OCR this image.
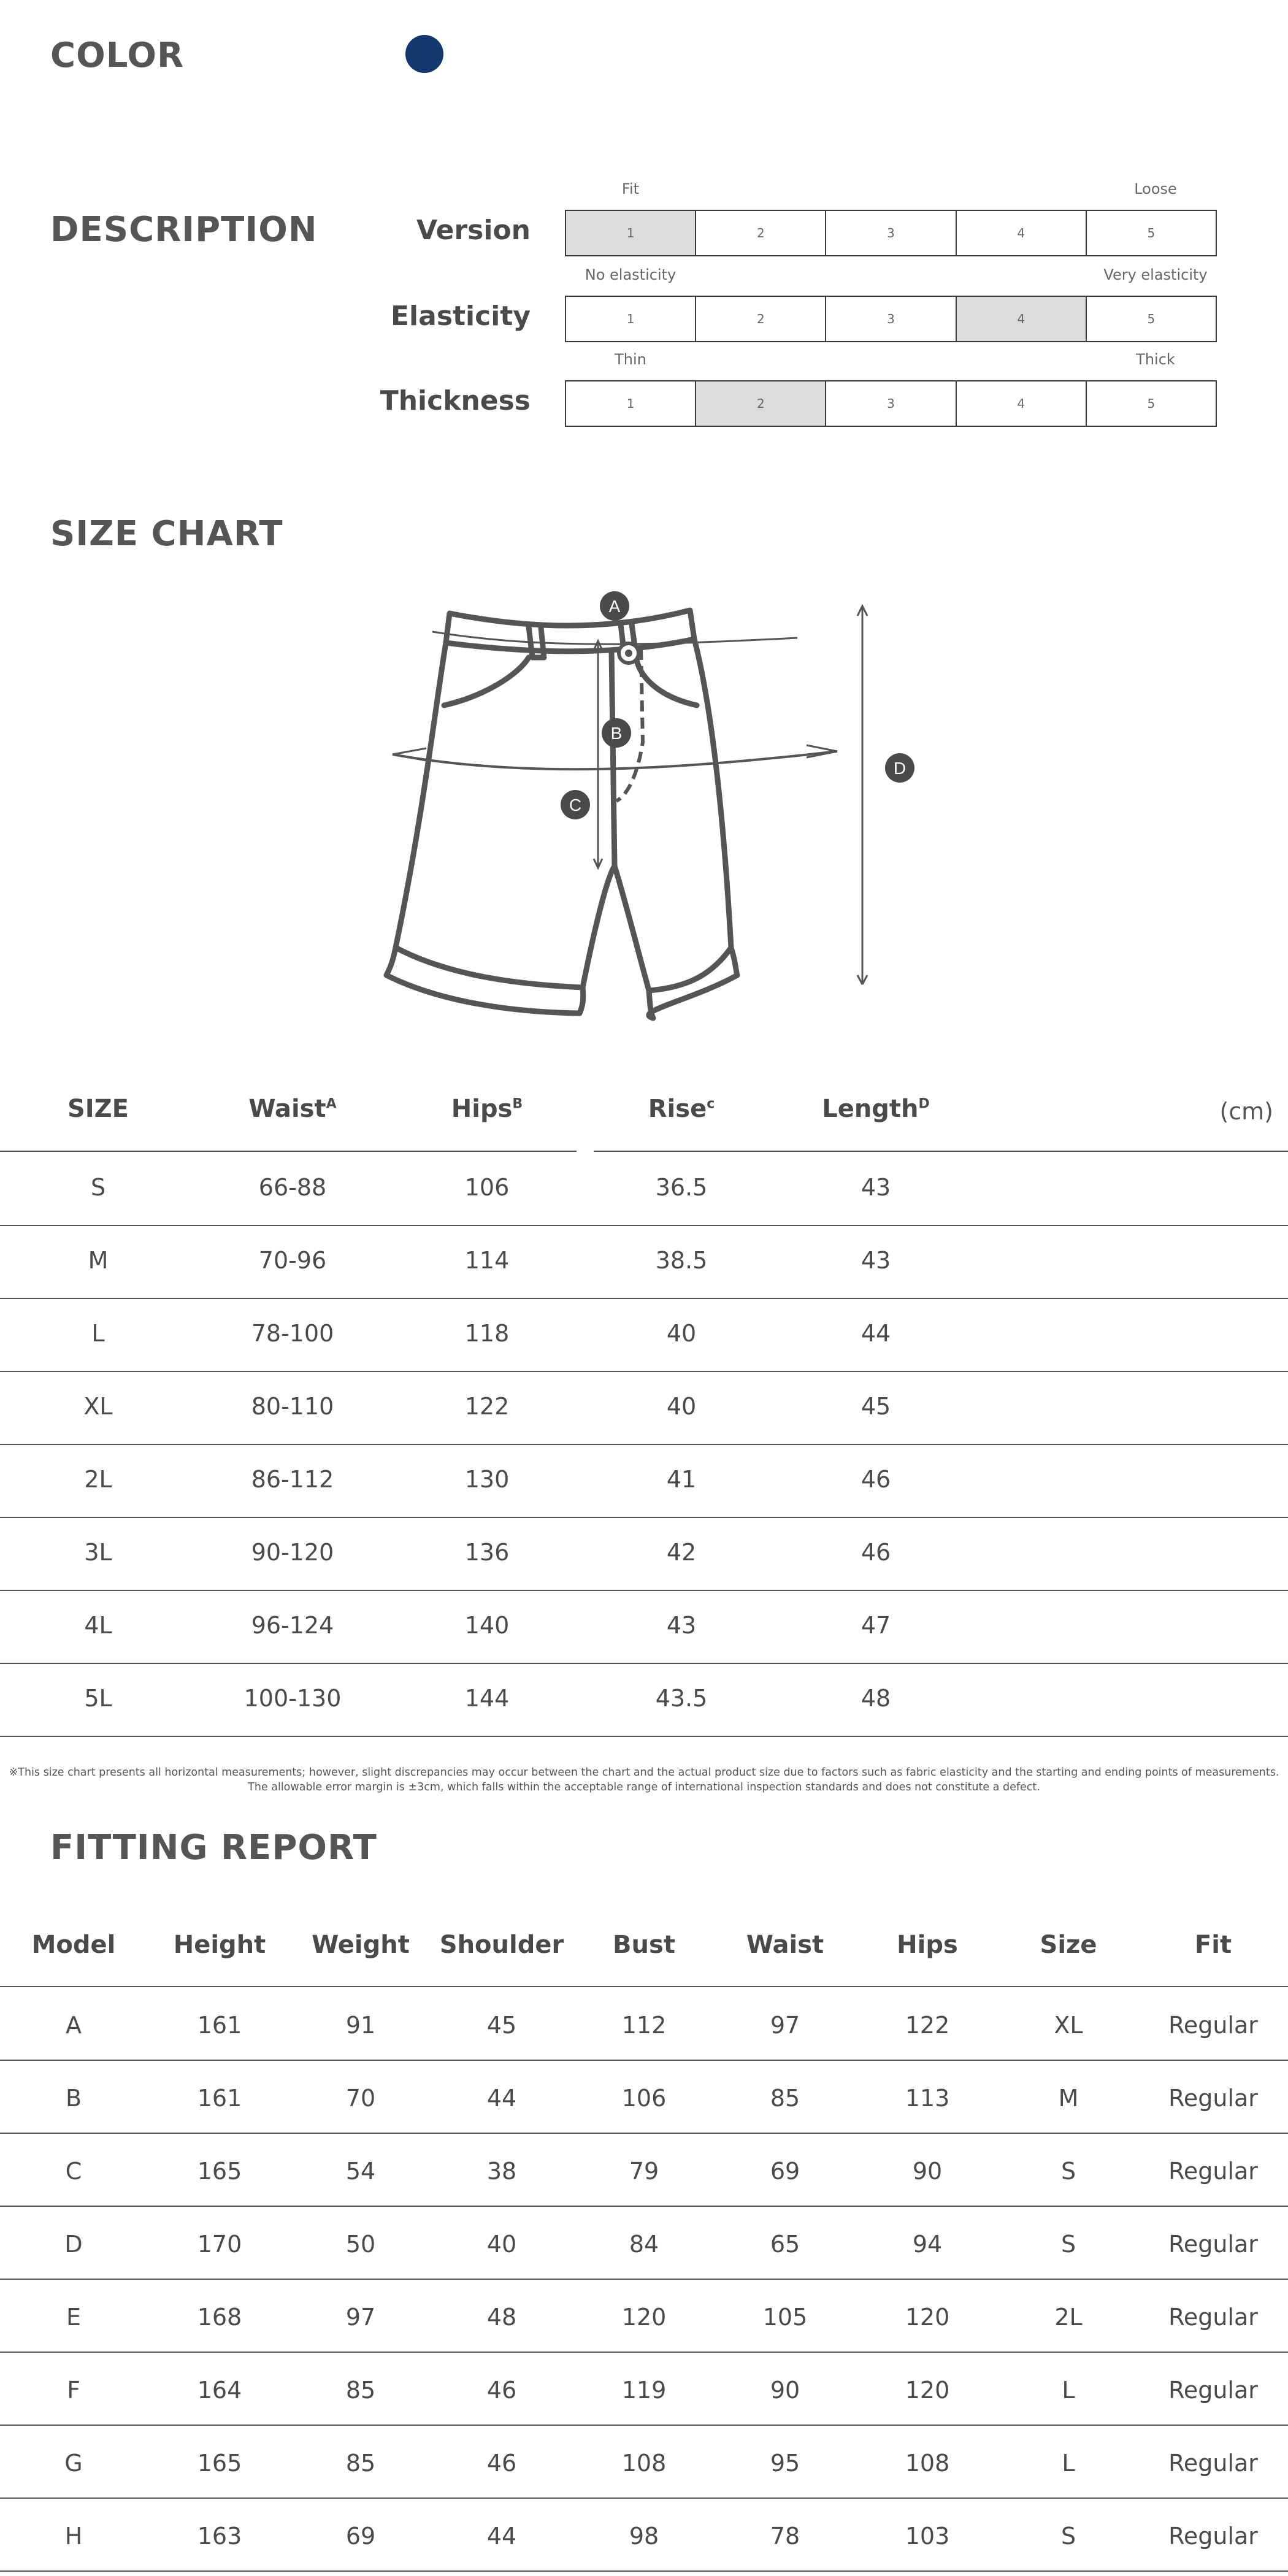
COLOR
DESCRIPTION	Version
Fit	Loose
1	2	3	4	5
Elasticity
No elasticity	Very elasticity
1	2	3	4	5
Thickness
Thin	Thick
1	2	3	4	5
SIZE CHART
A
B
C
D
SIZE	Waist$^A$	Hips$^B$	Rise$^c$	Length$^D$
S	66-88	106	36.5	43
M	70-96	114	38.5	43
L	78-100	118	40	44
XL	80-110	122	40	45
2L	86-112	130	41	46
3L	90-120	136	42	46
4L	96-124	140	43	47
5L	100-130	144	43.5	48
(cm)

※This size chart presents all horizontal measurements; however, slight discrepancies may occur between the chart and the actual product size due to factors such as fabric elasticity and the starting and ending points of measurements.
The allowable error margin is ±3cm, which falls within the acceptable range of international inspection standards and does not constitute a defect.

FITTING REPORT
Model	Height	Weight	Shoulder	Bust	Waist	Hips	Size	Fit
A	161	91	45	112	97	122	XL	Regular
B	161	70	44	106	85	113	M	Regular
C	165	54	38	79	69	90	S	Regular
D	170	50	40	84	65	94	S	Regular
E	168	97	48	120	105	120	2L	Regular
F	164	85	46	119	90	120	L	Regular
G	165	85	46	108	95	108	L	Regular
H	163	69	44	98	78	103	S	Regular
